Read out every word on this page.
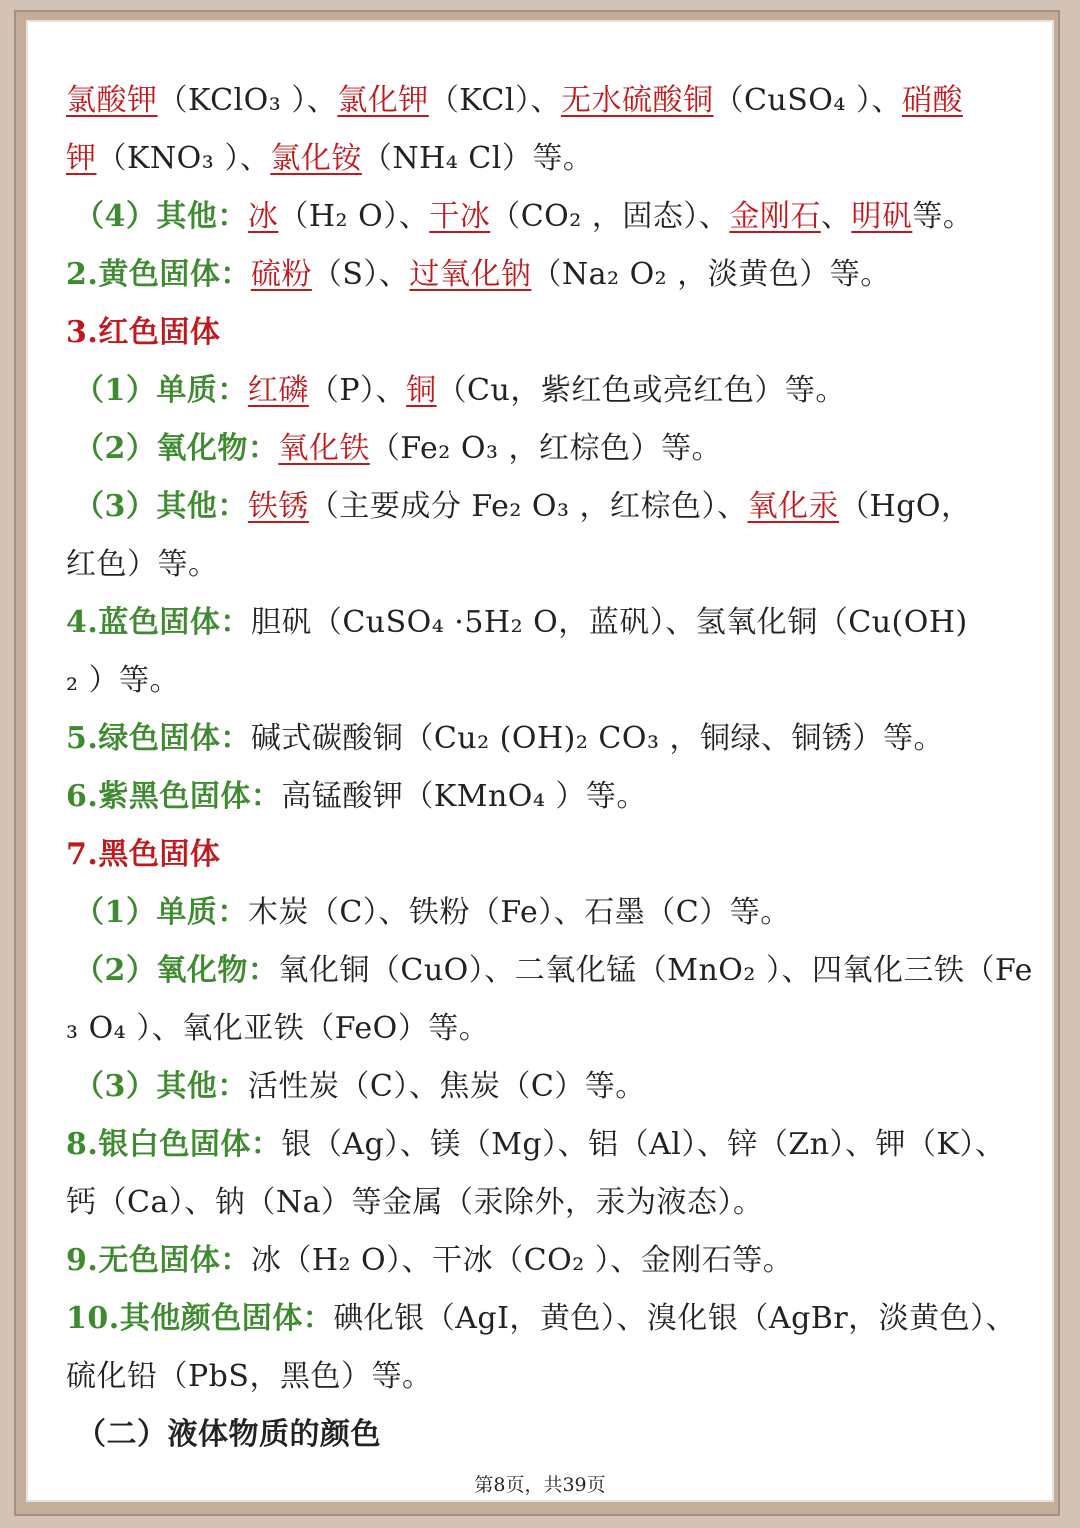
氯酸钾（KClO₃ ）、氯化钾（KCl）、无水硫酸铜（CuSO₄ ）、硝酸
钾（KNO₃ ）、氯化铵（NH₄ Cl）等。
（4）其他：冰（H₂ O）、干冰（CO₂ ，固态）、金刚石、明矾等。
2.黄色固体：硫粉（S）、过氧化钠（Na₂ O₂ ，淡黄色）等。
3.红色固体
（1）单质：红磷（P）、铜（Cu，紫红色或亮红色）等。
（2）氧化物：氧化铁（Fe₂ O₃ ，红棕色）等。
（3）其他：铁锈（主要成分 Fe₂ O₃ ，红棕色）、氧化汞（HgO，
红色）等。
4.蓝色固体：胆矾（CuSO₄ ·5H₂ O，蓝矾）、氢氧化铜（Cu(OH)
₂ ）等。
5.绿色固体：碱式碳酸铜（Cu₂ (OH)₂ CO₃ ，铜绿、铜锈）等。
6.紫黑色固体：高锰酸钾（KMnO₄ ）等。
7.黑色固体
（1）单质：木炭（C）、铁粉（Fe）、石墨（C）等。
（2）氧化物：氧化铜（CuO）、二氧化锰（MnO₂ ）、四氧化三铁（Fe
₃ O₄ ）、氧化亚铁（FeO）等。
（3）其他：活性炭（C）、焦炭（C）等。
8.银白色固体：银（Ag）、镁（Mg）、铝（Al）、锌（Zn）、钾（K）、
钙（Ca）、钠（Na）等金属（汞除外，汞为液态）。
9.无色固体：冰（H₂ O）、干冰（CO₂ ）、金刚石等。
10.其他颜色固体：碘化银（AgI，黄色）、溴化银（AgBr，淡黄色）、
硫化铅（PbS，黑色）等。
（二）液体物质的颜色
第8页，共39页
